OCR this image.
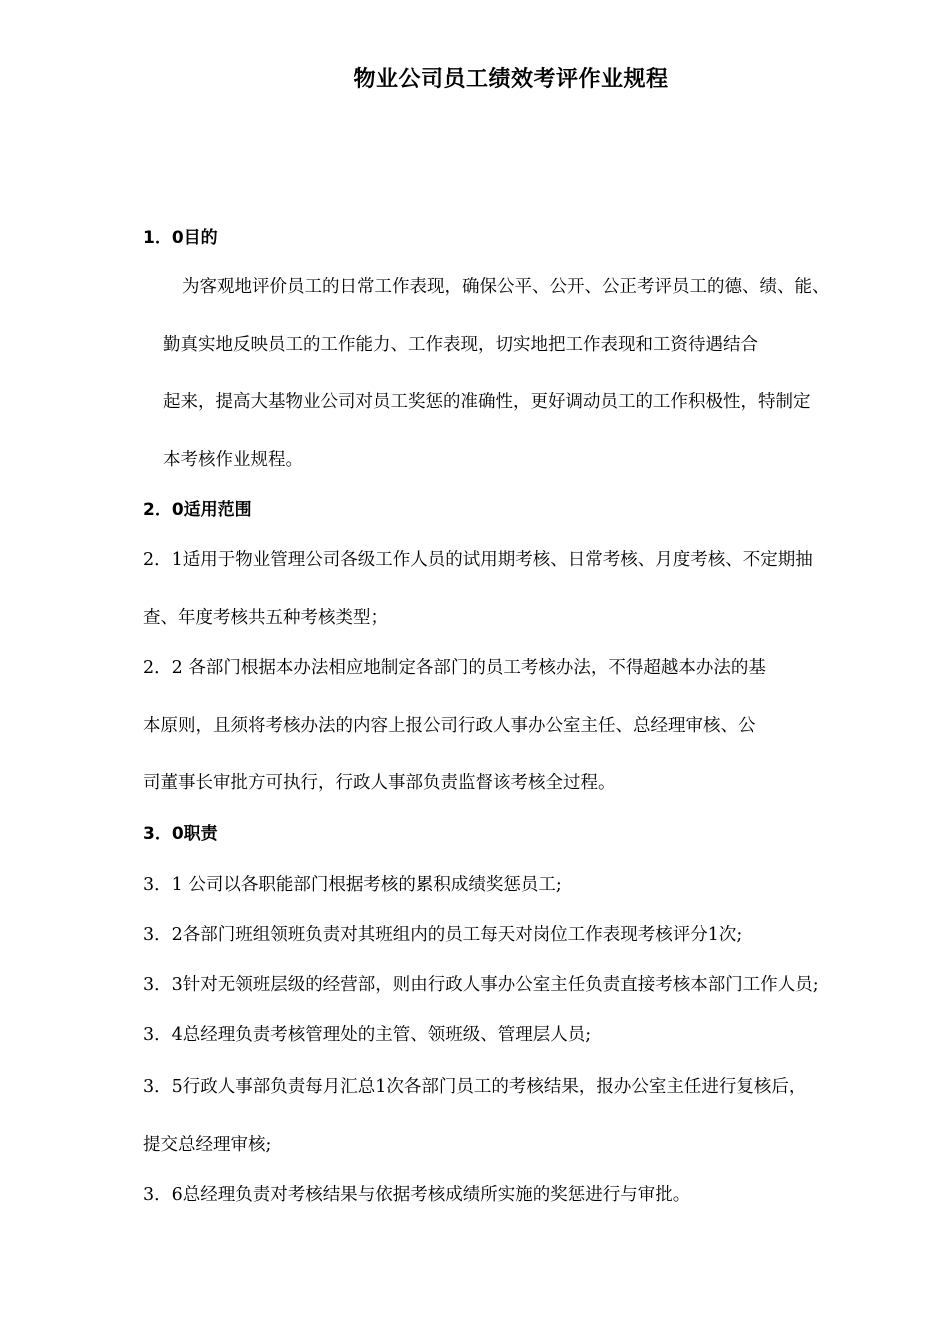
物业公司员工绩效考评作业规程
1．0目的
为客观地评价员工的日常工作表现，确保公平、公开、公正考评员工的德、绩、能、
勤真实地反映员工的工作能力、工作表现，切实地把工作表现和工资待遇结合
起来，提高大基物业公司对员工奖惩的准确性，更好调动员工的工作积极性，特制定
本考核作业规程。
2．0适用范围
2．1适用于物业管理公司各级工作人员的试用期考核、日常考核、月度考核、不定期抽
查、年度考核共五种考核类型；
2．2 各部门根据本办法相应地制定各部门的员工考核办法，不得超越本办法的基
本原则，且须将考核办法的内容上报公司行政人事办公室主任、总经理审核、公
司董事长审批方可执行，行政人事部负责监督该考核全过程。
3．0职责
3．1 公司以各职能部门根据考核的累积成绩奖惩员工;
3．2各部门班组领班负责对其班组内的员工每天对岗位工作表现考核评分1次;
3．3针对无领班层级的经营部，则由行政人事办公室主任负责直接考核本部门工作人员;
3．4总经理负责考核管理处的主管、领班级、管理层人员;
3．5行政人事部负责每月汇总1次各部门员工的考核结果，报办公室主任进行复核后，
提交总经理审核;
3．6总经理负责对考核结果与依据考核成绩所实施的奖惩进行与审批。
